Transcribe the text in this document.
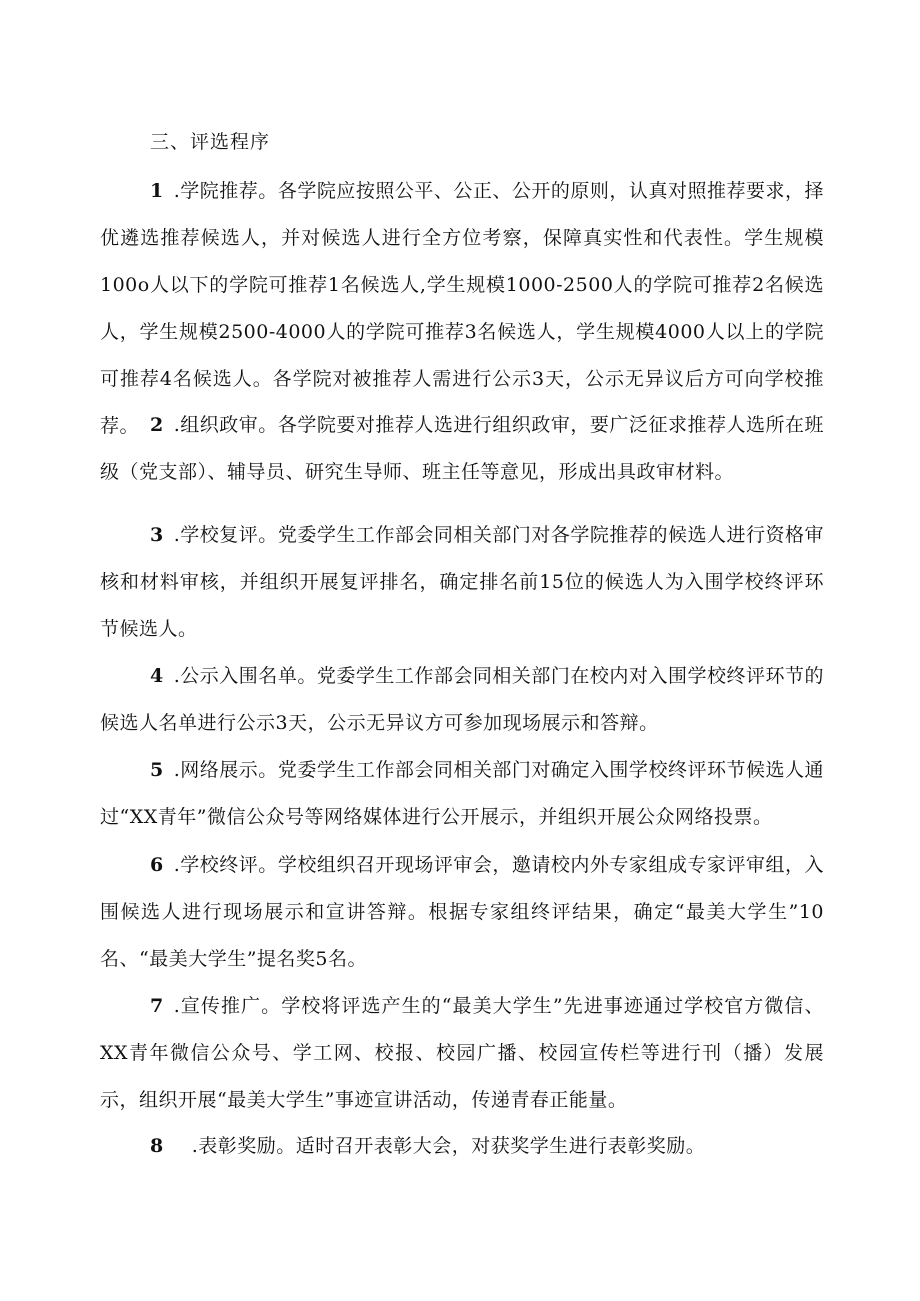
三、评选程序

1 .学院推荐。各学院应按照公平、公正、公开的原则，认真对照推荐要求，择优遴选推荐候选人，并对候选人进行全方位考察，保障真实性和代表性。学生规模100o人以下的学院可推荐1名候选人,学生规模1000-2500人的学院可推荐2名候选人，学生规模2500-4000人的学院可推荐3名候选人，学生规模4000人以上的学院可推荐4名候选人。各学院对被推荐人需进行公示3天，公示无异议后方可向学校推荐。 2 .组织政审。各学院要对推荐人选进行组织政审，要广泛征求推荐人选所在班级（党支部）、辅导员、研究生导师、班主任等意见，形成出具政审材料。

3 .学校复评。党委学生工作部会同相关部门对各学院推荐的候选人进行资格审核和材料审核，并组织开展复评排名，确定排名前15位的候选人为入围学校终评环节候选人。

4 .公示入围名单。党委学生工作部会同相关部门在校内对入围学校终评环节的候选人名单进行公示3天，公示无异议方可参加现场展示和答辩。

5 .网络展示。党委学生工作部会同相关部门对确定入围学校终评环节候选人通过“XX青年”微信公众号等网络媒体进行公开展示，并组织开展公众网络投票。

6 .学校终评。学校组织召开现场评审会，邀请校内外专家组成专家评审组，入围候选人进行现场展示和宣讲答辩。根据专家组终评结果，确定“最美大学生”10名、“最美大学生”提名奖5名。

7 .宣传推广。学校将评选产生的“最美大学生”先进事迹通过学校官方微信、XX青年微信公众号、学工网、校报、校园广播、校园宣传栏等进行刊（播）发展示，组织开展“最美大学生”事迹宣讲活动，传递青春正能量。

8 .表彰奖励。适时召开表彰大会，对获奖学生进行表彰奖励。
